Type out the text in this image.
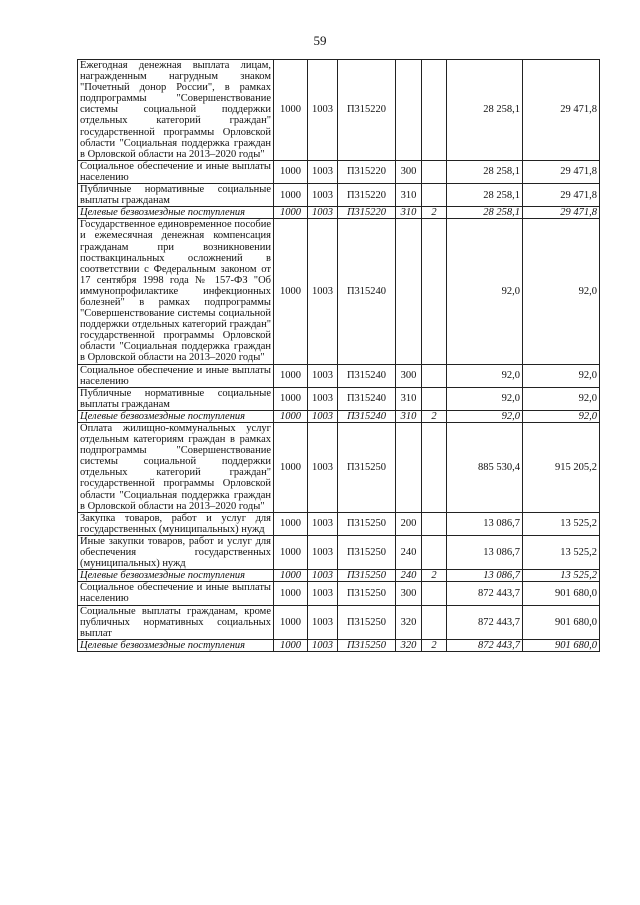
59
Ежегодная денежная выплата лицам, награжденным нагрудным знаком "Почетный донор России", в рамках подпрограммы "Совершенствование системы социальной поддержки отдельных категорий граждан" государственной программы Орловской области "Социальная поддержка граждан в Орловской области на 2013–2020 годы"	1000	1003	П315220			28 258,1	29 471,8
Социальное обеспечение и иные выплаты населению	1000	1003	П315220	300		28 258,1	29 471,8
Публичные нормативные социальные выплаты гражданам	1000	1003	П315220	310		28 258,1	29 471,8
Целевые безвозмездные поступления	1000	1003	П315220	310	2	28 258,1	29 471,8
Государственное единовременное пособие и ежемесячная денежная компенсация гражданам при возникновении поствакцинальных осложнений в соответствии с Федеральным законом от 17 сентября 1998 года № 157-ФЗ "Об иммунопрофилактике инфекционных болезней" в рамках подпрограммы "Совершенствование системы социальной поддержки отдельных категорий граждан" государственной программы Орловской области "Социальная поддержка граждан в Орловской области на 2013–2020 годы"	1000	1003	П315240			92,0	92,0
Социальное обеспечение и иные выплаты населению	1000	1003	П315240	300		92,0	92,0
Публичные нормативные социальные выплаты гражданам	1000	1003	П315240	310		92,0	92,0
Целевые безвозмездные поступления	1000	1003	П315240	310	2	92,0	92,0
Оплата жилищно-коммунальных услуг отдельным категориям граждан в рамках подпрограммы "Совершенствование системы социальной поддержки отдельных категорий граждан" государственной программы Орловской области "Социальная поддержка граждан в Орловской области на 2013–2020 годы"	1000	1003	П315250			885 530,4	915 205,2
Закупка товаров, работ и услуг для государственных (муниципальных) нужд	1000	1003	П315250	200		13 086,7	13 525,2
Иные закупки товаров, работ и услуг для обеспечения государственных (муниципальных) нужд	1000	1003	П315250	240		13 086,7	13 525,2
Целевые безвозмездные поступления	1000	1003	П315250	240	2	13 086,7	13 525,2
Социальное обеспечение и иные выплаты населению	1000	1003	П315250	300		872 443,7	901 680,0
Социальные выплаты гражданам, кроме публичных нормативных социальных выплат	1000	1003	П315250	320		872 443,7	901 680,0
Целевые безвозмездные поступления	1000	1003	П315250	320	2	872 443,7	901 680,0
